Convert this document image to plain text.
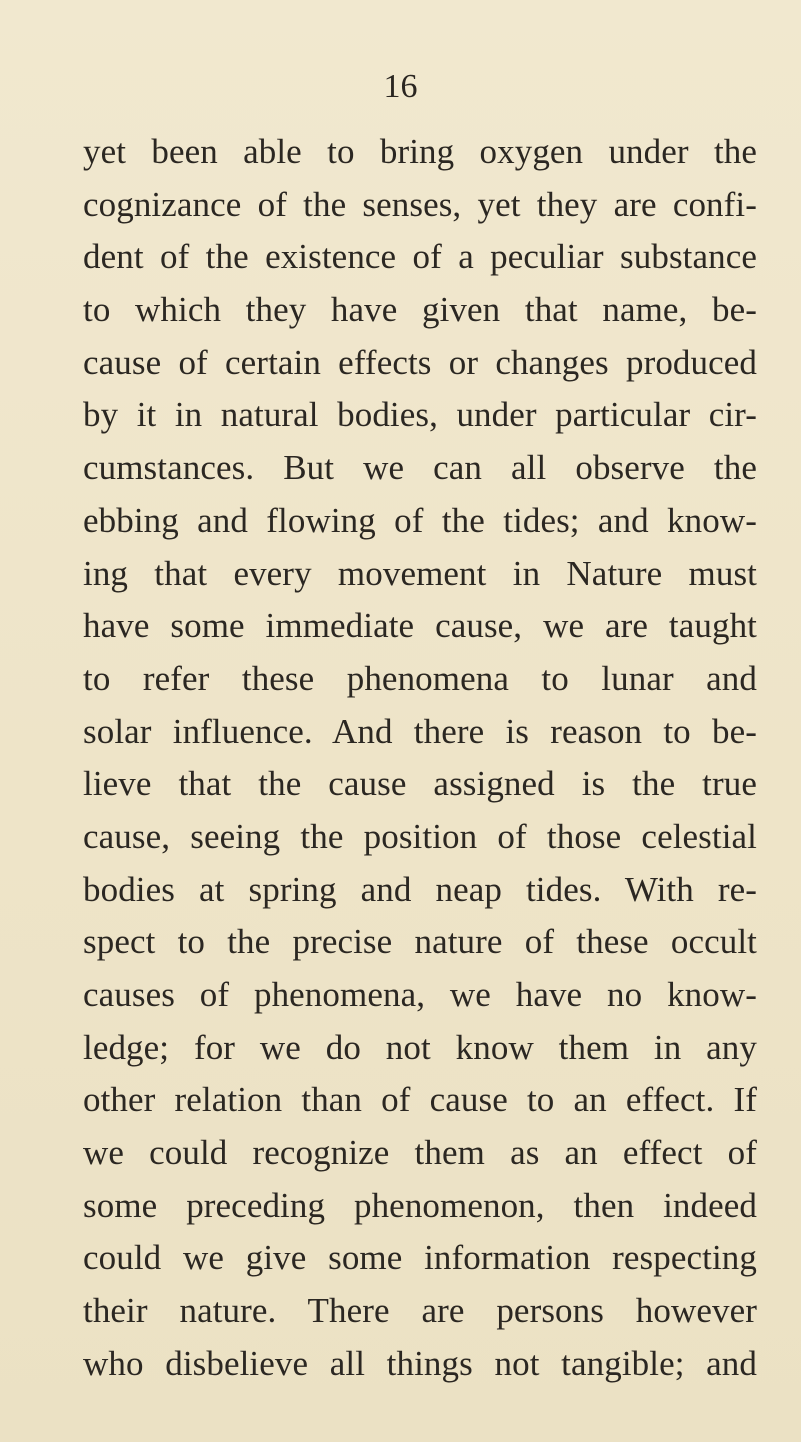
16
yet been able to bring oxygen under the
cognizance of the senses, yet they are confi-
dent of the existence of a peculiar substance
to which they have given that name, be-
cause of certain effects or changes produced
by it in natural bodies, under particular cir-
cumstances. But we can all observe the
ebbing and flowing of the tides; and know-
ing that every movement in Nature must
have some immediate cause, we are taught
to refer these phenomena to lunar and
solar influence. And there is reason to be-
lieve that the cause assigned is the true
cause, seeing the position of those celestial
bodies at spring and neap tides. With re-
spect to the precise nature of these occult
causes of phenomena, we have no know-
ledge; for we do not know them in any
other relation than of cause to an effect. If
we could recognize them as an effect of
some preceding phenomenon, then indeed
could we give some information respecting
their nature. There are persons however
who disbelieve all things not tangible; and
